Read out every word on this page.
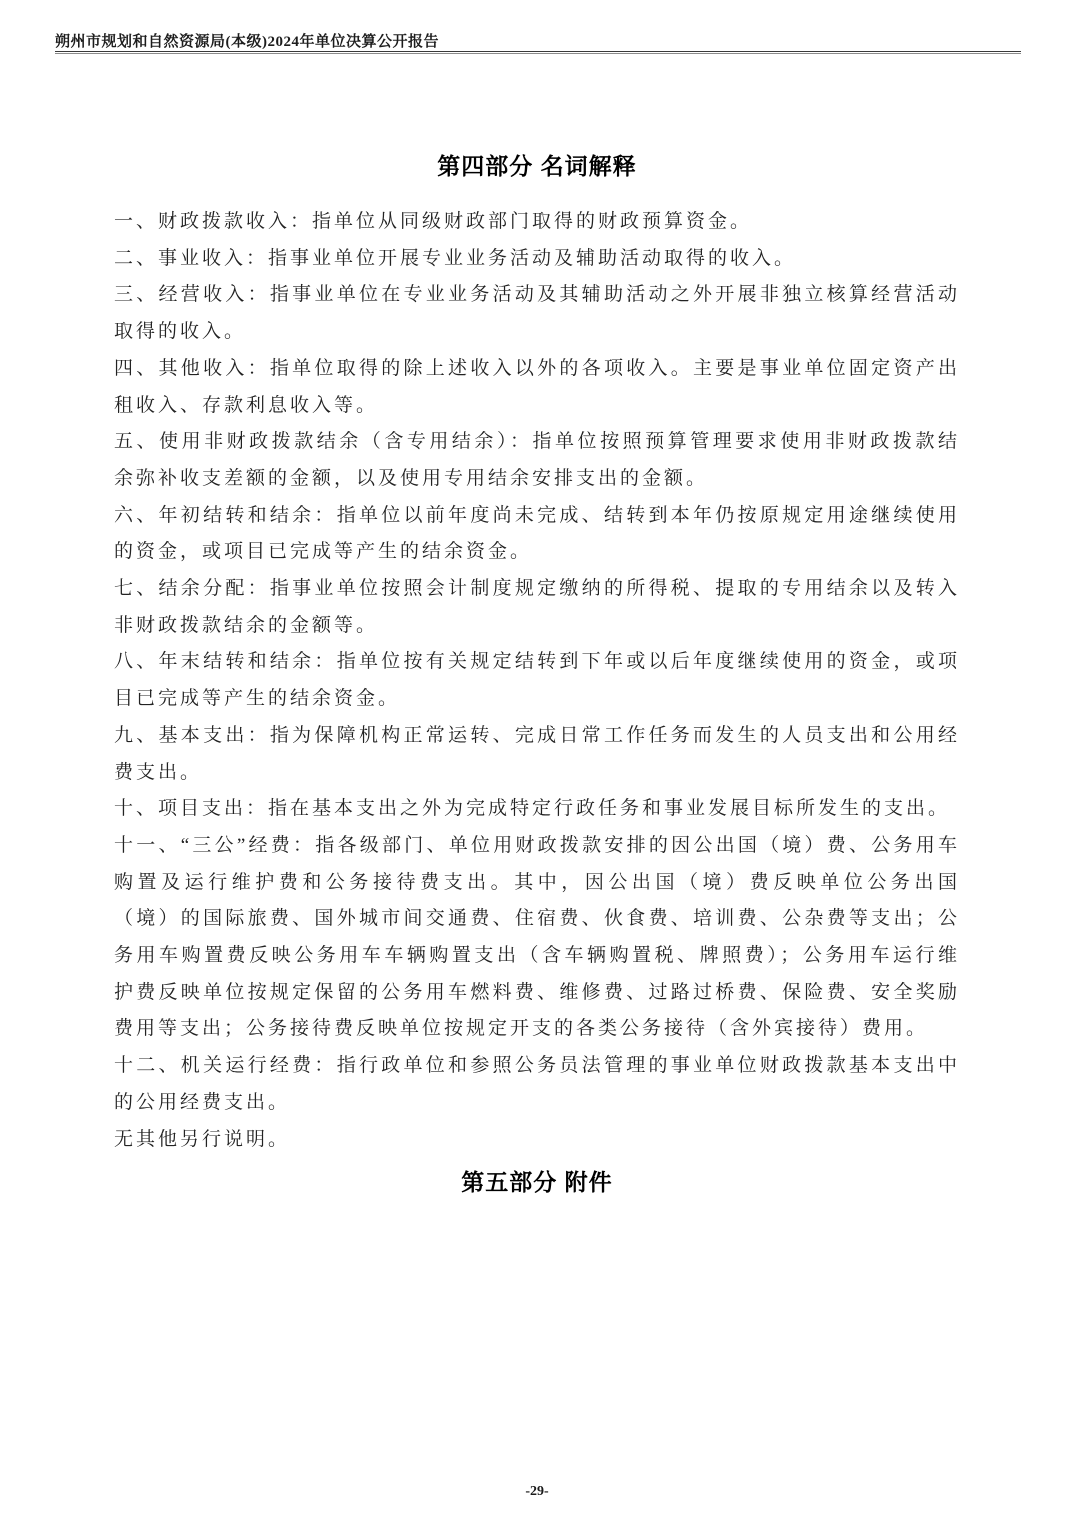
朔州市规划和自然资源局(本级)2024年单位决算公开报告
第四部分 名词解释

一、财政拨款收入：指单位从同级财政部门取得的财政预算资金。

二、事业收入：指事业单位开展专业业务活动及辅助活动取得的收入。

三、经营收入：指事业单位在专业业务活动及其辅助活动之外开展非独立核算经营活动取得的收入。

四、其他收入：指单位取得的除上述收入以外的各项收入。主要是事业单位固定资产出租收入、存款利息收入等。

五、使用非财政拨款结余（含专用结余）：指单位按照预算管理要求使用非财政拨款结余弥补收支差额的金额，以及使用专用结余安排支出的金额。

六、年初结转和结余：指单位以前年度尚未完成、结转到本年仍按原规定用途继续使用的资金，或项目已完成等产生的结余资金。

七、结余分配：指事业单位按照会计制度规定缴纳的所得税、提取的专用结余以及转入非财政拨款结余的金额等。

八、年末结转和结余：指单位按有关规定结转到下年或以后年度继续使用的资金，或项目已完成等产生的结余资金。

九、基本支出：指为保障机构正常运转、完成日常工作任务而发生的人员支出和公用经费支出。

十、项目支出：指在基本支出之外为完成特定行政任务和事业发展目标所发生的支出。

十一、“三公”经费：指各级部门、单位用财政拨款安排的因公出国（境）费、公务用车购置及运行维护费和公务接待费支出。其中，因公出国（境）费反映单位公务出国（境）的国际旅费、国外城市间交通费、住宿费、伙食费、培训费、公杂费等支出；公务用车购置费反映公务用车车辆购置支出（含车辆购置税、牌照费）；公务用车运行维护费反映单位按规定保留的公务用车燃料费、维修费、过路过桥费、保险费、安全奖励费用等支出；公务接待费反映单位按规定开支的各类公务接待（含外宾接待）费用。

十二、机关运行经费：指行政单位和参照公务员法管理的事业单位财政拨款基本支出中的公用经费支出。

无其他另行说明。

第五部分 附件
-29-
